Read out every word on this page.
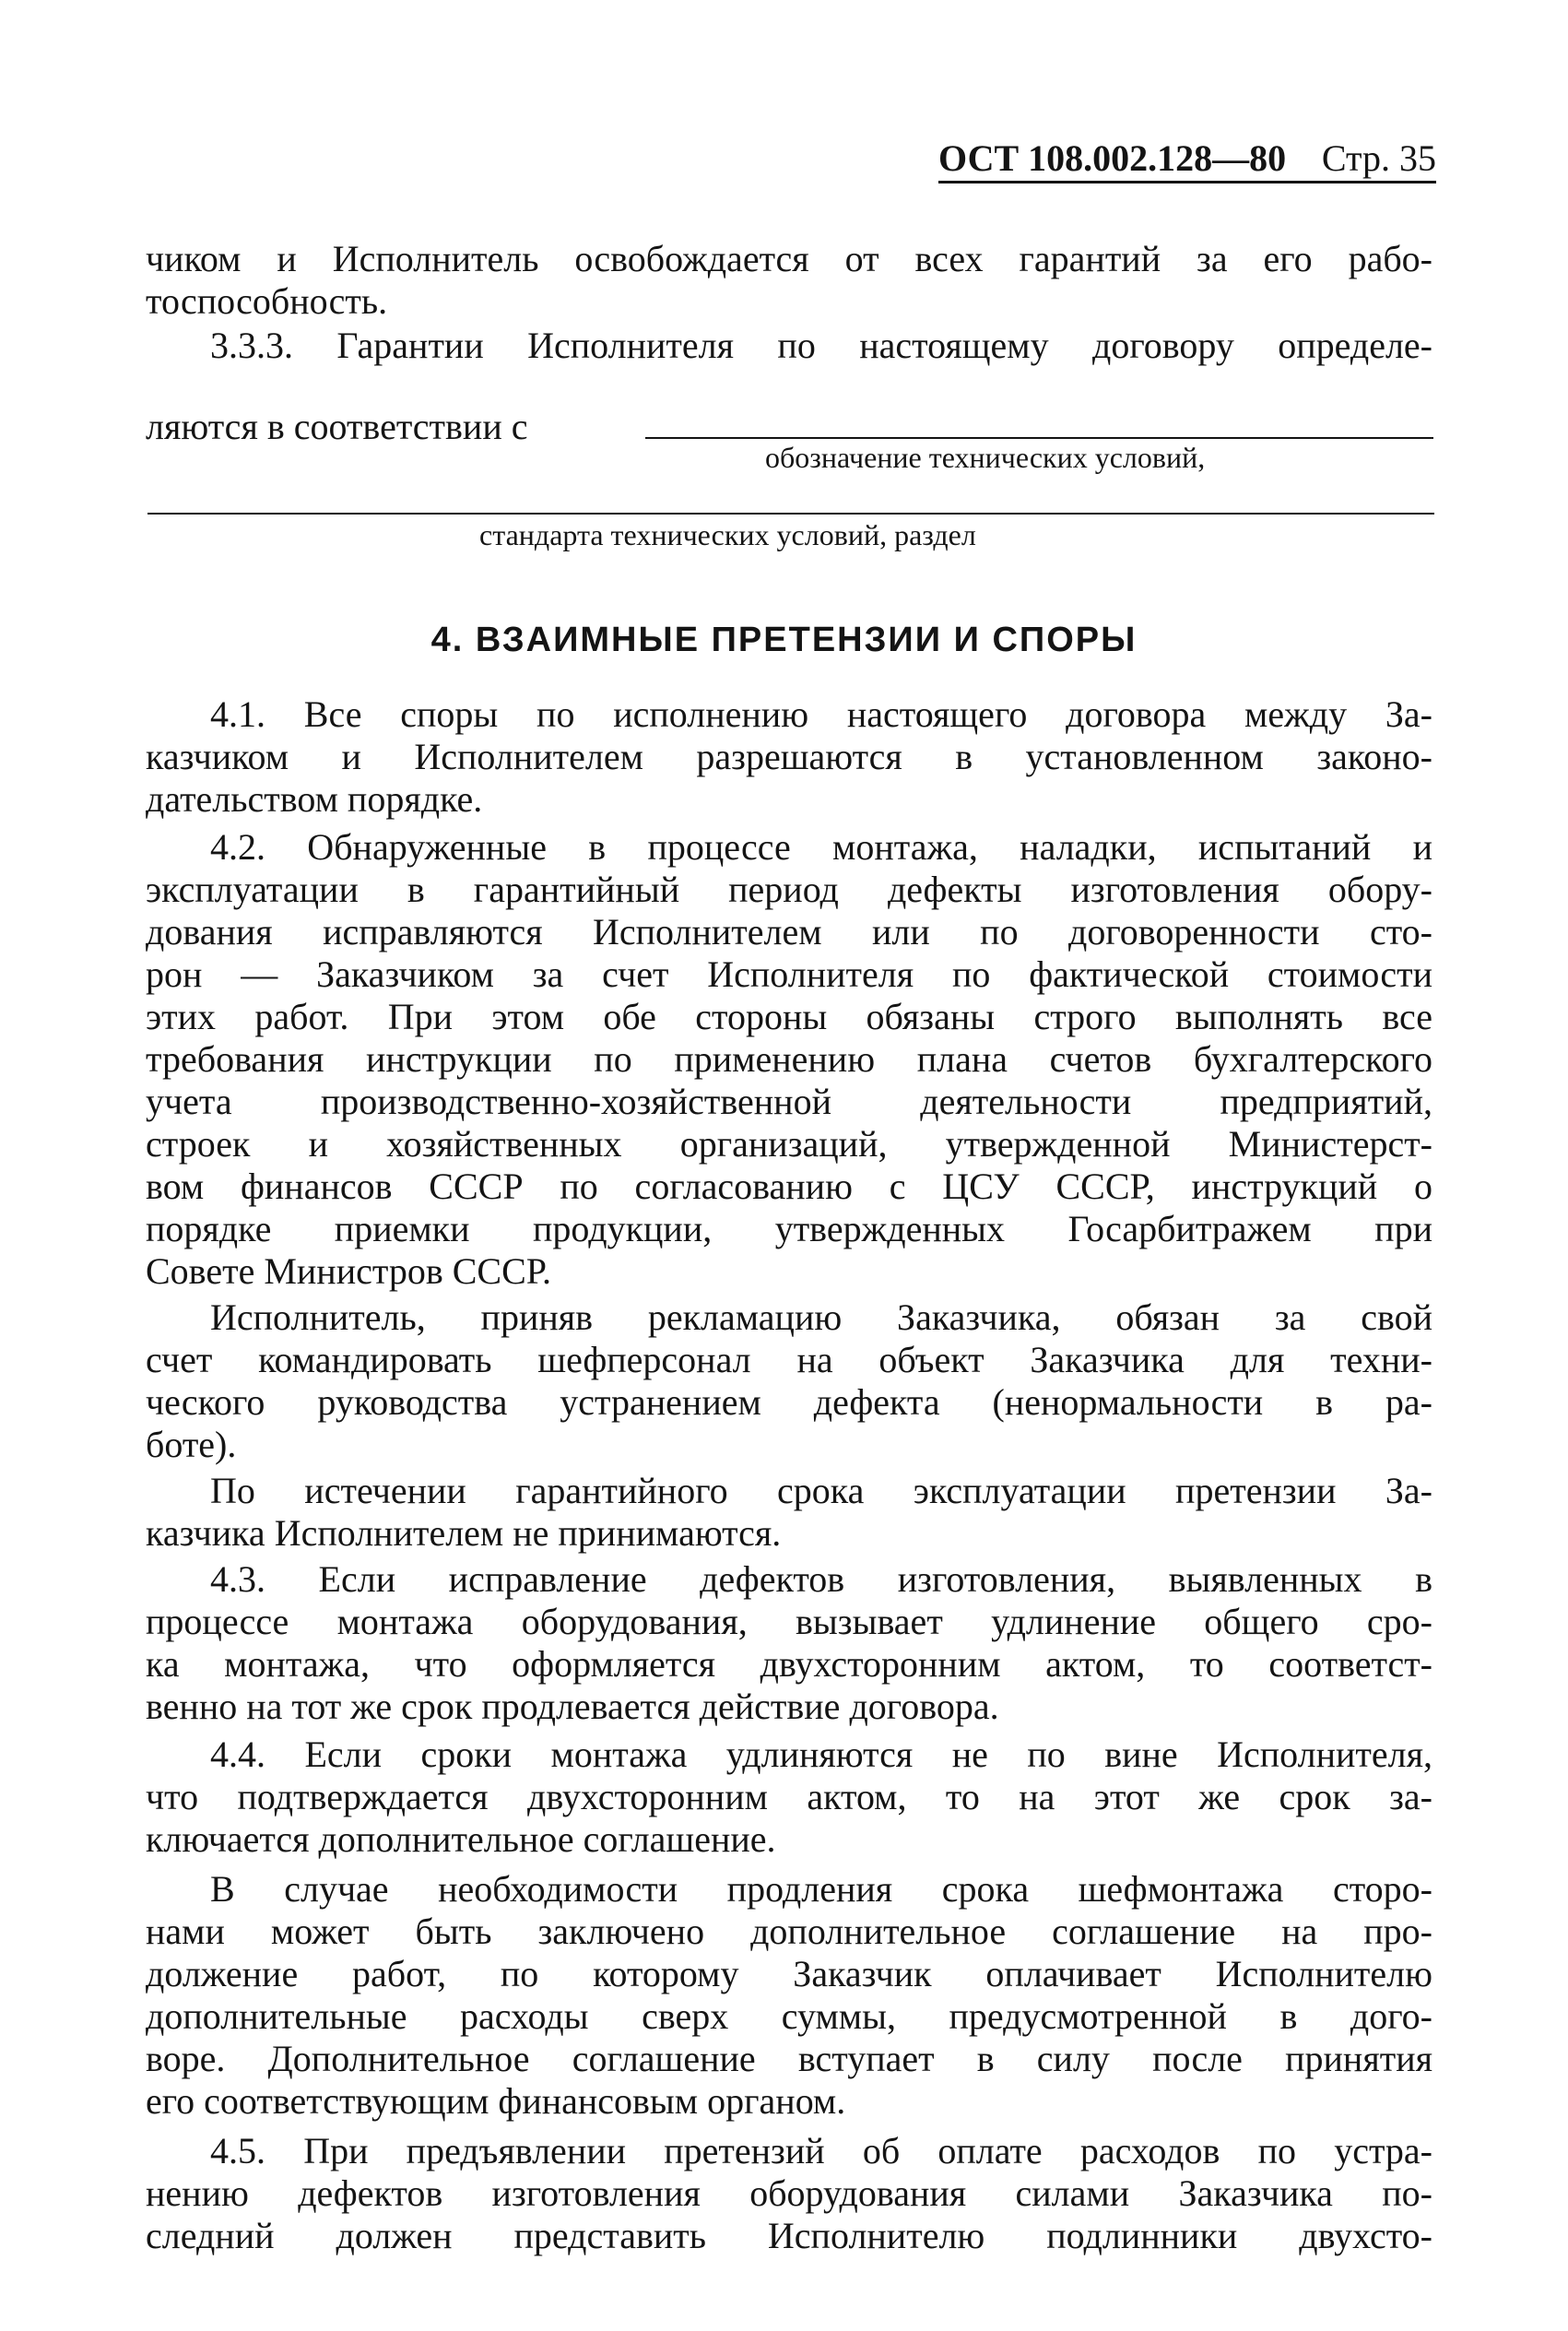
ОСТ 108.002.128—80 Стр. 35
чиком и Исполнитель освобождается от всех гарантий за его рабо-
тоспособность.
3.3.3. Гарантии Исполнителя по настоящему договору определе-
ляются в соответствии с
обозначение технических условий,
стандарта технических условий, раздел
4. ВЗАИМНЫЕ ПРЕТЕНЗИИ И СПОРЫ
4.1. Все споры по исполнению настоящего договора между За-
казчиком и Исполнителем разрешаются в установленном законо-
дательством порядке.
4.2. Обнаруженные в процессе монтажа, наладки, испытаний и
эксплуатации в гарантийный период дефекты изготовления обору-
дования исправляются Исполнителем или по договоренности сто-
рон — Заказчиком за счет Исполнителя по фактической стоимости
этих работ. При этом обе стороны обязаны строго выполнять все
требования инструкции по применению плана счетов бухгалтерского
учета производственно-хозяйственной деятельности предприятий,
строек и хозяйственных организаций, утвержденной Министерст-
вом финансов СССР по согласованию с ЦСУ СССР, инструкций о
порядке приемки продукции, утвержденных Госарбитражем при
Совете Министров СССР.
Исполнитель, приняв рекламацию Заказчика, обязан за свой
счет командировать шефперсонал на объект Заказчика для техни-
ческого руководства устранением дефекта (ненормальности в ра-
боте).
По истечении гарантийного срока эксплуатации претензии За-
казчика Исполнителем не принимаются.
4.3. Если исправление дефектов изготовления, выявленных в
процессе монтажа оборудования, вызывает удлинение общего сро-
ка монтажа, что оформляется двухсторонним актом, то соответст-
венно на тот же срок продлевается действие договора.
4.4. Если сроки монтажа удлиняются не по вине Исполнителя,
что подтверждается двухсторонним актом, то на этот же срок за-
ключается дополнительное соглашение.
В случае необходимости продления срока шефмонтажа сторо-
нами может быть заключено дополнительное соглашение на про-
должение работ, по которому Заказчик оплачивает Исполнителю
дополнительные расходы сверх суммы, предусмотренной в дого-
воре. Дополнительное соглашение вступает в силу после принятия
его соответствующим финансовым органом.
4.5. При предъявлении претензий об оплате расходов по устра-
нению дефектов изготовления оборудования силами Заказчика по-
следний должен представить Исполнителю подлинники двухсто-
